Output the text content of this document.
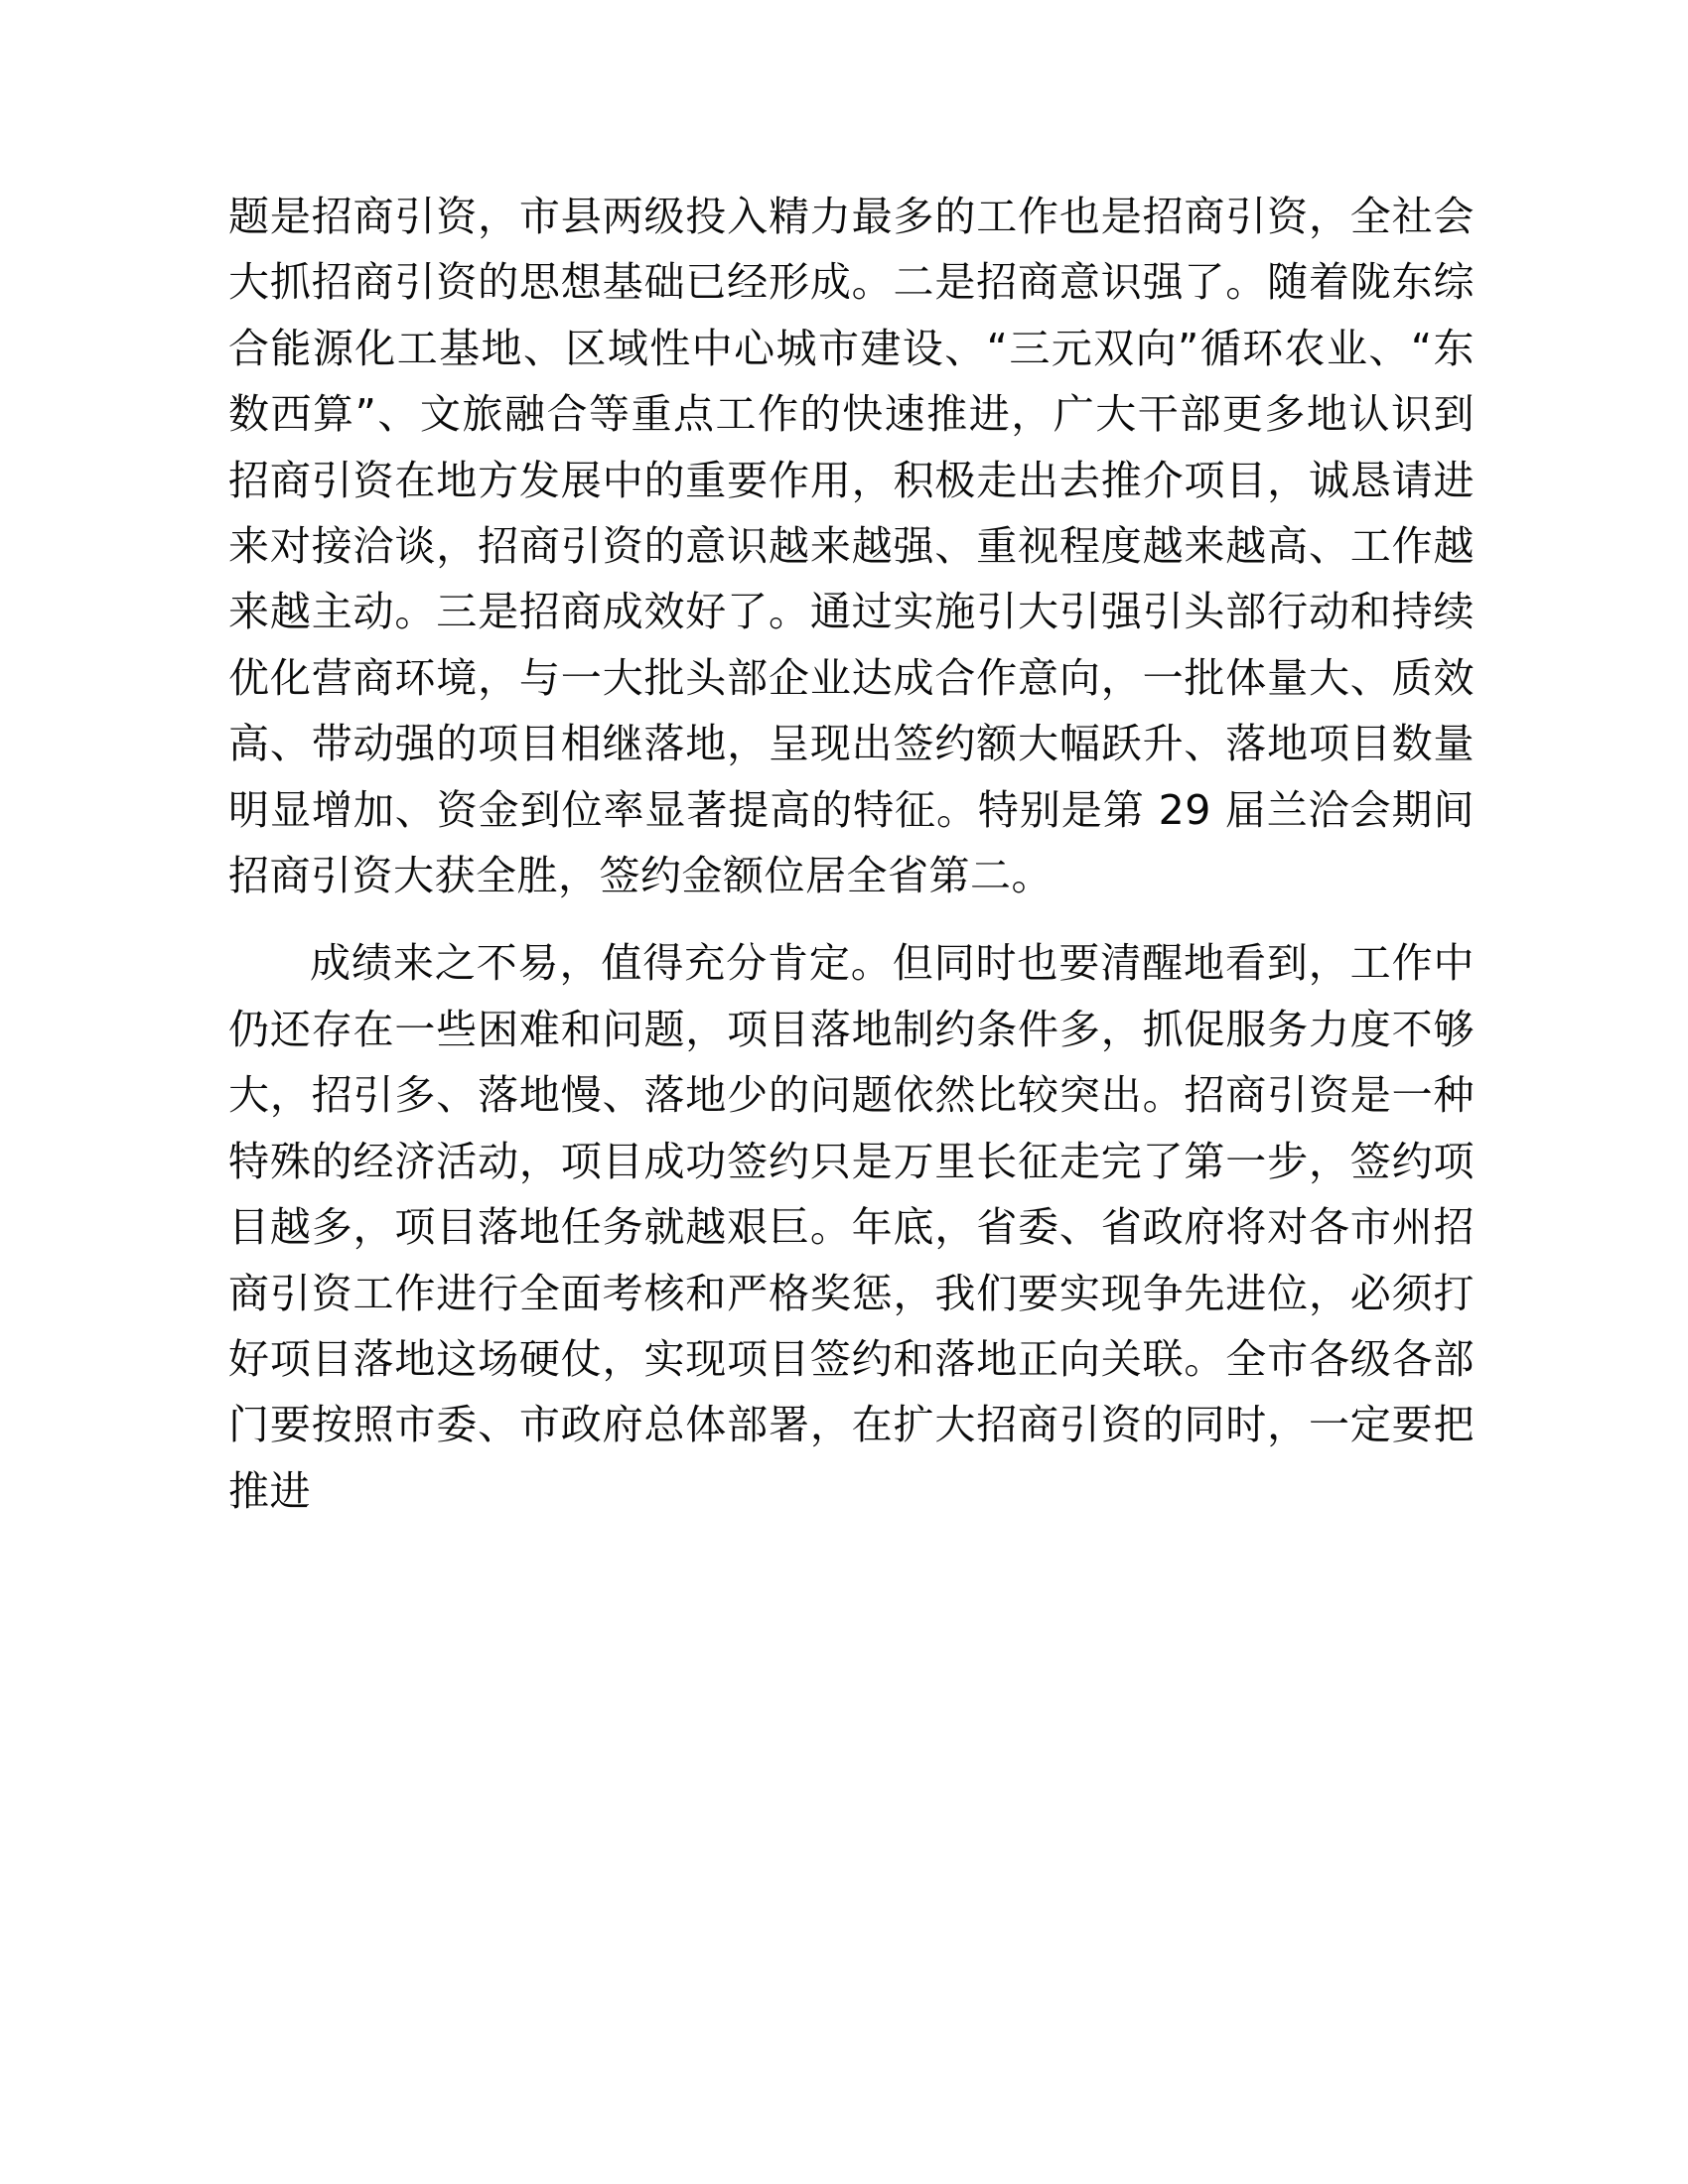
题是招商引资，市县两级投入精力最多的工作也是招商引资，全社会大抓招商引资的思想基础已经形成。二是招商意识强了。随着陇东综合能源化工基地、区域性中心城市建设、“三元双向”循环农业、“东数西算”、文旅融合等重点工作的快速推进，广大干部更多地认识到招商引资在地方发展中的重要作用，积极走出去推介项目，诚恳请进来对接洽谈，招商引资的意识越来越强、重视程度越来越高、工作越来越主动。三是招商成效好了。通过实施引大引强引头部行动和持续优化营商环境，与一大批头部企业达成合作意向，一批体量大、质效高、带动强的项目相继落地，呈现出签约额大幅跃升、落地项目数量明显增加、资金到位率显著提高的特征。特别是第 29 届兰洽会期间招商引资大获全胜，签约金额位居全省第二。

成绩来之不易，值得充分肯定。但同时也要清醒地看到，工作中仍还存在一些困难和问题，项目落地制约条件多，抓促服务力度不够大，招引多、落地慢、落地少的问题依然比较突出。招商引资是一种特殊的经济活动，项目成功签约只是万里长征走完了第一步，签约项目越多，项目落地任务就越艰巨。年底，省委、省政府将对各市州招商引资工作进行全面考核和严格奖惩，我们要实现争先进位，必须打好项目落地这场硬仗，实现项目签约和落地正向关联。全市各级各部门要按照市委、市政府总体部署，在扩大招商引资的同时，一定要把推进
